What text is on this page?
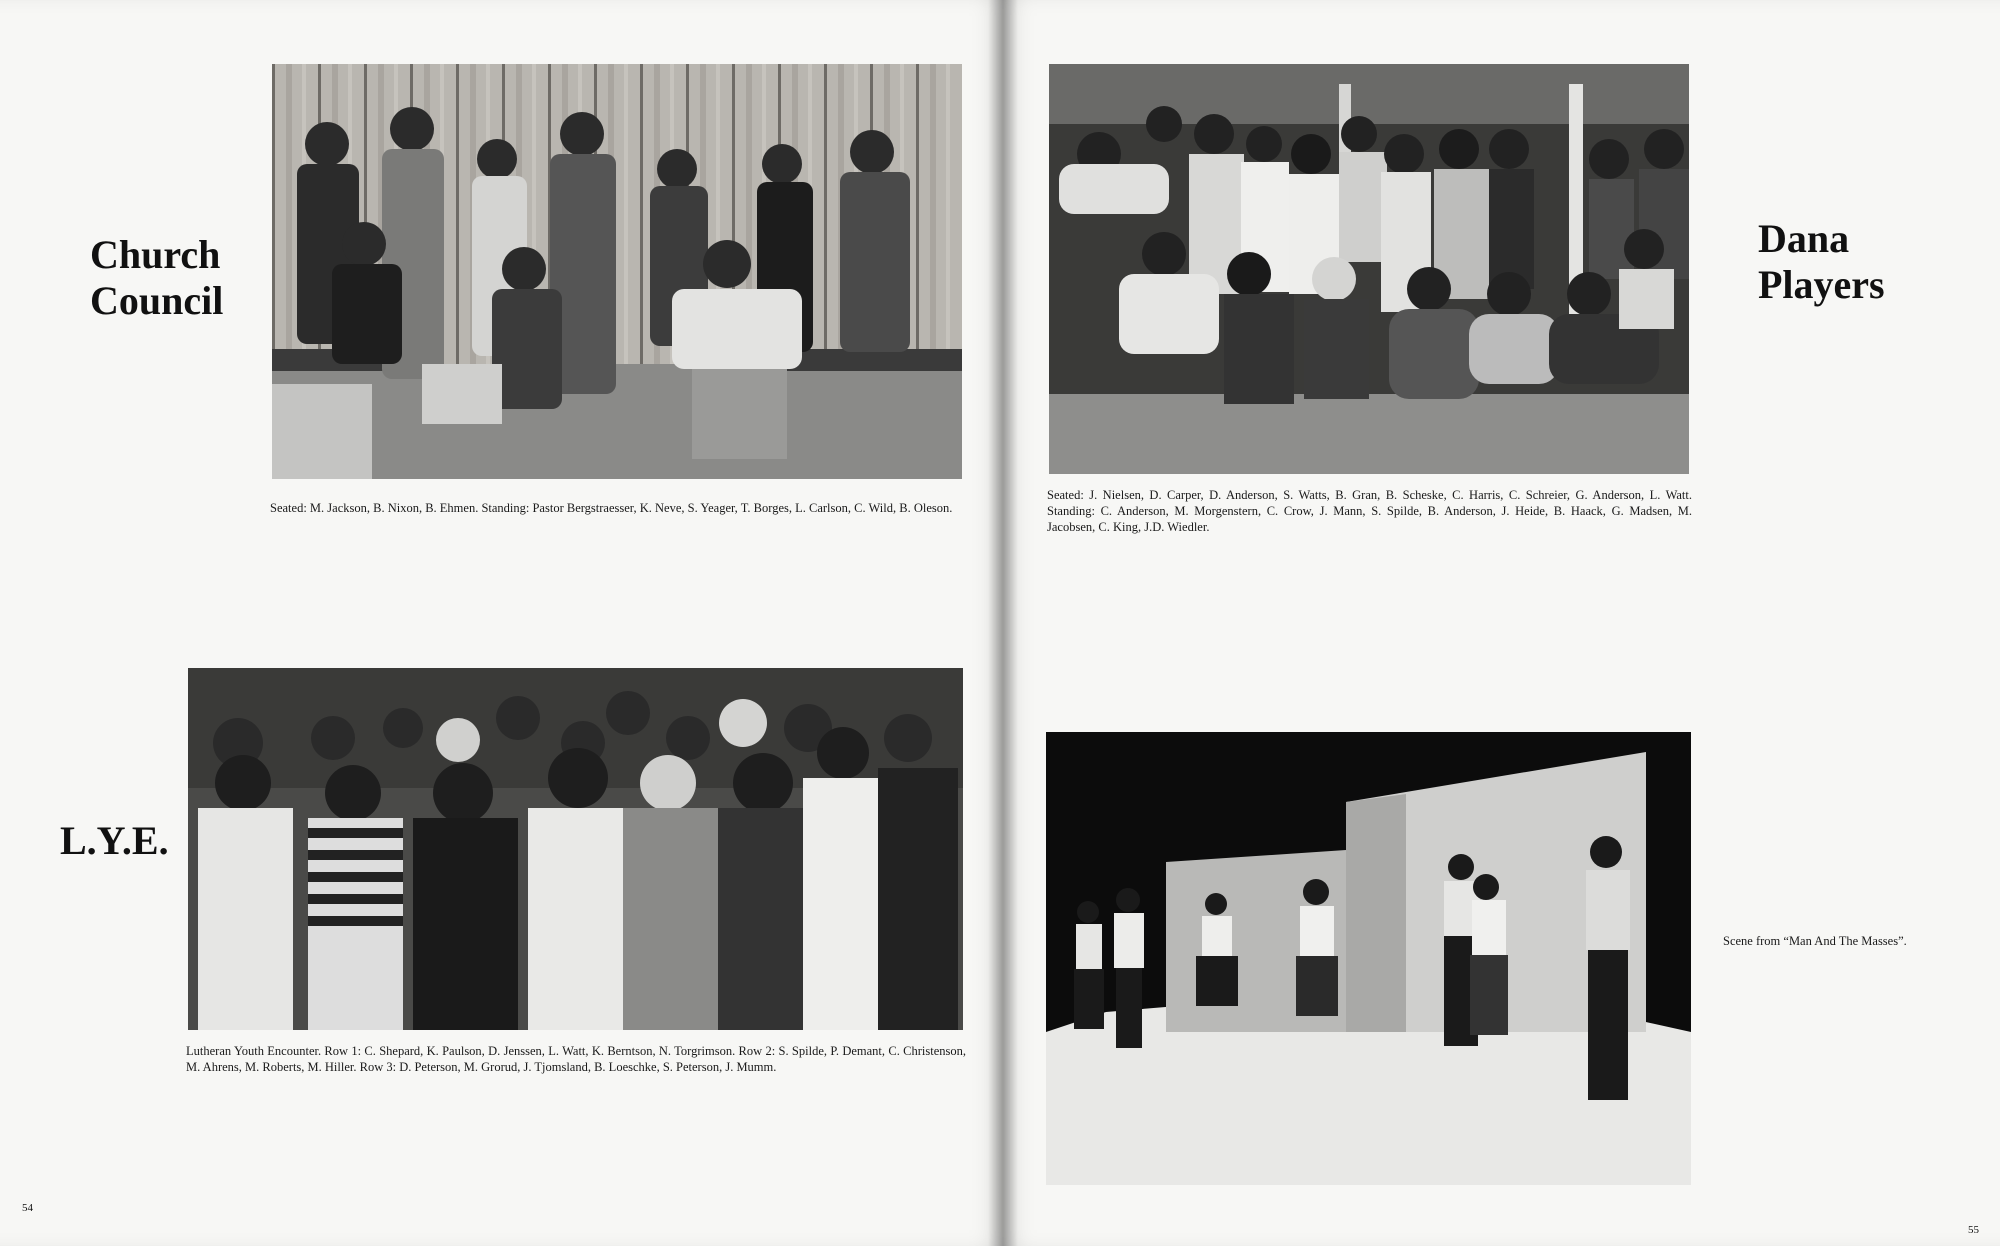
Church
Council
Seated: M. Jackson, B. Nixon, B. Ehmen. Standing: Pastor Bergstraesser, K. Neve, S. Yeager, T. Borges, L. Carlson, C. Wild, B. Oleson.
L.Y.E.
Lutheran Youth Encounter. Row 1: C. Shepard, K. Paulson, D. Jenssen, L. Watt, K. Berntson, N. Torgrimson. Row 2: S. Spilde, P. Demant, C. Christenson, M. Ahrens, M. Roberts, M. Hiller. Row 3: D. Peterson, M. Grorud, J. Tjomsland, B. Loeschke, S. Peterson, J. Mumm.
54
Dana
Players
Seated: J. Nielsen, D. Carper, D. Anderson, S. Watts, B. Gran, B. Scheske, C. Harris, C. Schreier, G. Anderson, L. Watt. Standing: C. Anderson, M. Morgenstern, C. Crow, J. Mann, S. Spilde, B. Anderson, J. Heide, B. Haack, G. Madsen, M. Jacobsen, C. King, J.D. Wiedler.
Scene from “Man And The Masses”.
55
